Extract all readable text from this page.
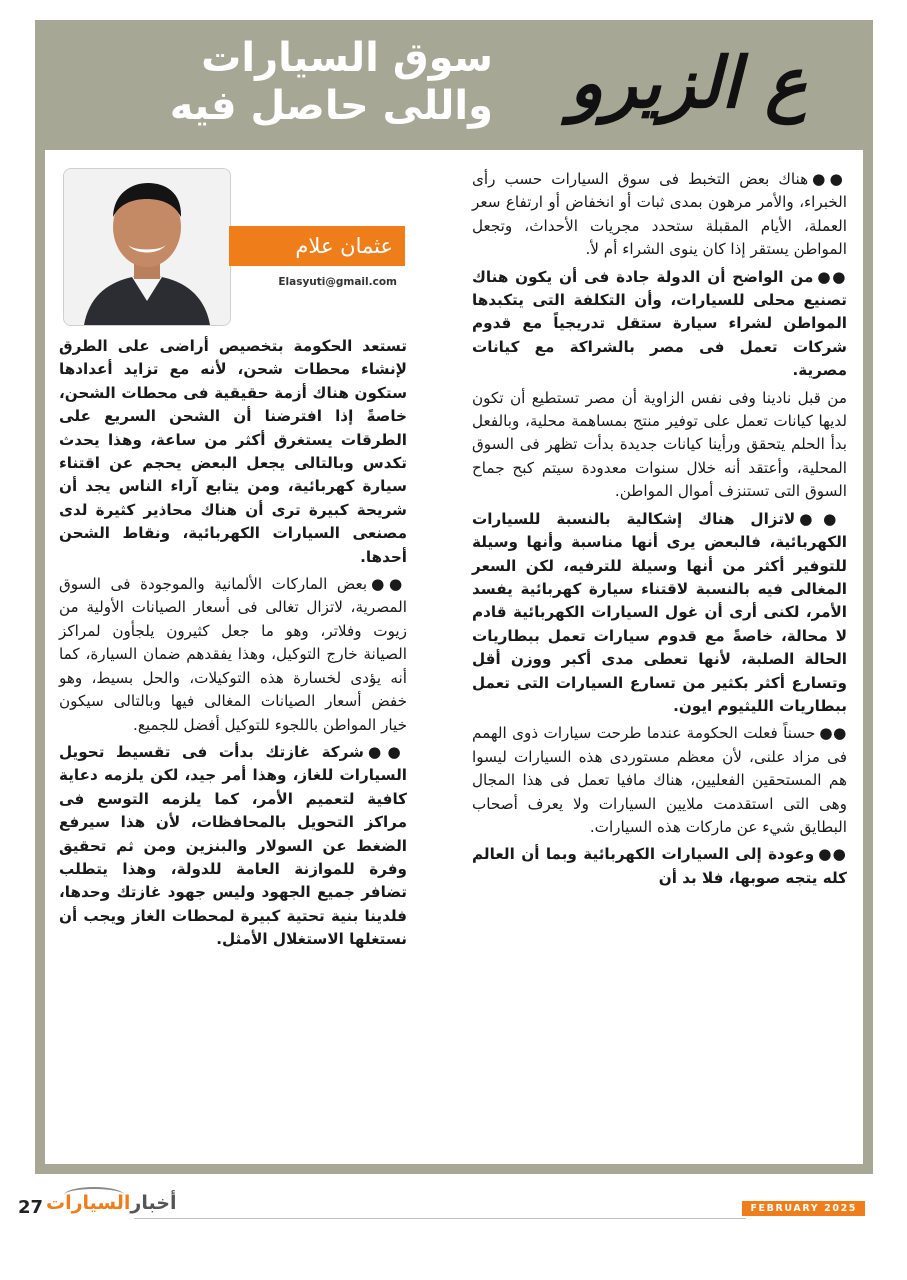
سوق السيارات
واللى حاصل فيه	ع الزيرو
عثمان علام
Elasyuti@gmail.com

●●هناك بعض التخبط فى سوق السيارات حسب رأى الخبراء، والأمر مرهون بمدى ثبات أو انخفاض أو ارتفاع سعر العملة، الأيام المقبلة ستحدد مجريات الأحداث، وتجعل المواطن يستقر إذا كان ينوى الشراء أم لأ.

●●من الواضح أن الدولة جادة فى أن يكون هناك تصنيع محلى للسيارات، وأن التكلفة التى يتكبدها المواطن لشراء سيارة ستقل تدريجياً مع قدوم شركات تعمل فى مصر بالشراكة مع كيانات مصرية.

من قبل نادينا وفى نفس الزاوية أن مصر تستطيع أن تكون لديها كيانات تعمل على توفير منتج بمساهمة محلية، وبالفعل بدأ الحلم يتحقق ورأينا كيانات جديدة بدأت تظهر فى السوق المحلية، وأعتقد أنه خلال سنوات معدودة سيتم كبح جماح السوق التى تستنزف أموال المواطن.

●●لاتزال هناك إشكالية بالنسبة للسيارات الكهربائية، فالبعض يرى أنها مناسبة وأنها وسيلة للتوفير أكثر من أنها وسيلة للترفيه، لكن السعر المغالى فيه بالنسبة لاقتناء سيارة كهربائية يفسد الأمر، لكنى أرى أن غول السيارات الكهربائية قادم لا محالة، خاصةً مع قدوم سيارات تعمل ببطاريات الحالة الصلبة، لأنها تعطى مدى أكبر ووزن أقل وتسارع أكثر بكثير من تسارع السيارات التى تعمل ببطاريات الليثيوم ايون.

●●حسناً فعلت الحكومة عندما طرحت سيارات ذوى الهمم فى مزاد علنى، لأن معظم مستوردى هذه السيارات ليسوا هم المستحقين الفعليين، هناك مافيا تعمل فى هذا المجال وهى التى استقدمت ملايين السيارات ولا يعرف أصحاب البطايق شيء عن ماركات هذه السيارات.

●●وعودة إلى السيارات الكهربائية وبما أن العالم كله يتجه صوبها، فلا بد أن

تستعد الحكومة بتخصيص أراضى على الطرق لإنشاء محطات شحن، لأنه مع تزايد أعدادها ستكون هناك أزمة حقيقية فى محطات الشحن، خاصةً إذا افترضنا أن الشحن السريع على الطرقات يستغرق أكثر من ساعة، وهذا يحدث تكدس وبالتالى يجعل البعض يحجم عن اقتناء سيارة كهربائية، ومن يتابع آراء الناس يجد أن شريحة كبيرة ترى أن هناك محاذير كثيرة لدى مصنعى السيارات الكهربائية، ونقاط الشحن أحدها.

●●بعض الماركات الألمانية والموجودة فى السوق المصرية، لاتزال تغالى فى أسعار الصيانات الأولية من زيوت وفلاتر، وهو ما جعل كثيرون يلجأون لمراكز الصيانة خارج التوكيل، وهذا يفقدهم ضمان السيارة، كما أنه يؤدى لخسارة هذه التوكيلات، والحل بسيط، وهو خفض أسعار الصيانات المغالى فيها وبالتالى سيكون خيار المواطن باللجوء للتوكيل أفضل للجميع.

●●شركة غازتك بدأت فى تقسيط تحويل السيارات للغاز، وهذا أمر جيد، لكن يلزمه دعاية كافية لتعميم الأمر، كما يلزمه التوسع فى مراكز التحويل بالمحافظات، لأن هذا سيرفع الضغط عن السولار والبنزين ومن ثم تحقيق وفرة للموازنة العامة للدولة، وهذا يتطلب تضافر جميع الجهود وليس جهود غازتك وحدها، فلدينا بنية تحتية كبيرة لمحطات الغاز ويجب أن نستغلها الاستغلال الأمثل.

27	أخبارالسيارات	FEBRUARY 2025
